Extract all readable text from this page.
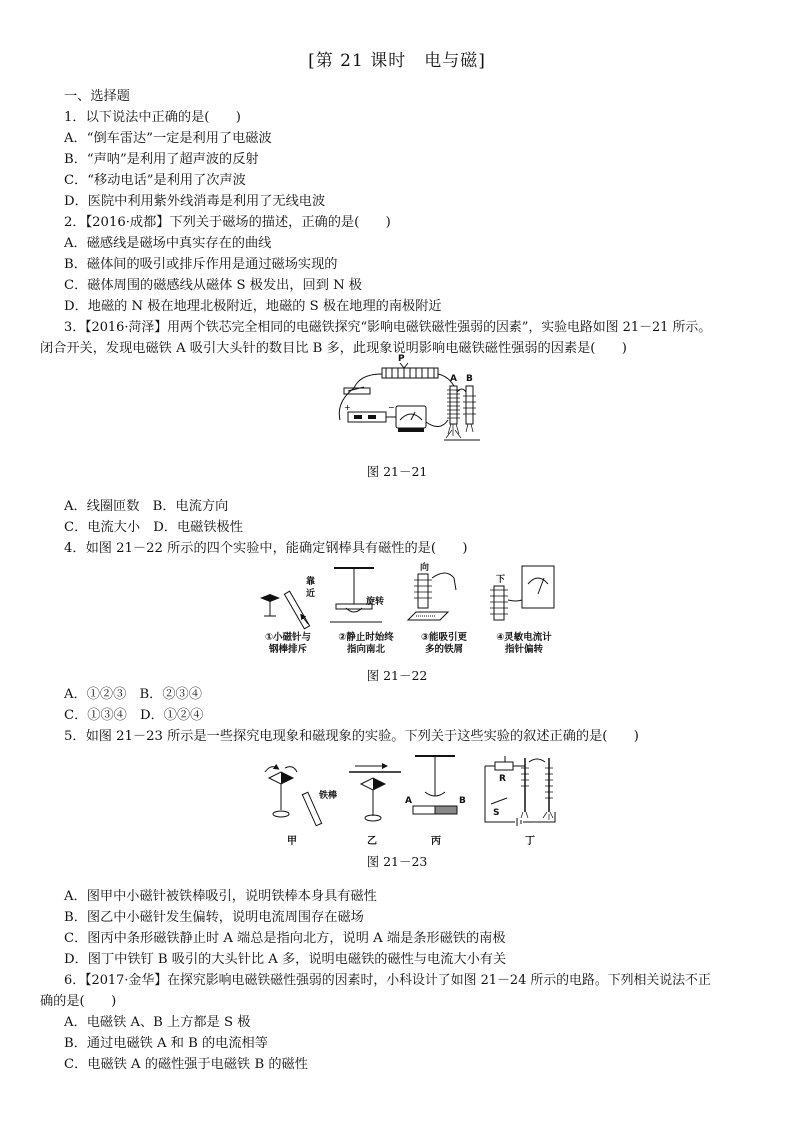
[第 21 课时　电与磁]
一、选择题
1．以下说法中正确的是(　　)
A．“倒车雷达”一定是利用了电磁波
B．“声呐”是利用了超声波的反射
C．“移动电话”是利用了次声波
D．医院中利用紫外线消毒是利用了无线电波
2．【2016·成都】下列关于磁场的描述，正确的是(　　)
A．磁感线是磁场中真实存在的曲线
B．磁体间的吸引或排斥作用是通过磁场实现的
C．磁体周围的磁感线从磁体 S 极发出，回到 N 极
D．地磁的 N 极在地理北极附近，地磁的 S 极在地理的南极附近
3．【2016·菏泽】用两个铁芯完全相同的电磁铁探究“影响电磁铁磁性强弱的因素”，实验电路如图 21－21 所示。
闭合开关，发现电磁铁 A 吸引大头针的数目比 B 多，此现象说明影响电磁铁磁性强弱的因素是(　　)
+	−
P
A B
图 21－21
A．线圈匝数　B．电流方向
C．电流大小　D．电磁铁极性
4．如图 21－22 所示的四个实验中，能确定钢棒具有磁性的是(　　)
靠
近
旋转
向
下
①小磁针与
钢棒排斥
②静止时始终
指向南北
③能吸引更
多的铁屑
④灵敏电流计
指针偏转
图 21－22
A．①②③　B．②③④
C．①③④　D．①②④
5．如图 21－23 所示是一些探究电现象和磁现象的实验。下列关于这些实验的叙述正确的是(　　)
铁棒	A	B
R
S
甲	乙	丙	丁
图 21－23
A．图甲中小磁针被铁棒吸引，说明铁棒本身具有磁性
B．图乙中小磁针发生偏转，说明电流周围存在磁场
C．图丙中条形磁铁静止时 A 端总是指向北方，说明 A 端是条形磁铁的南极
D．图丁中铁钉 B 吸引的大头针比 A 多，说明电磁铁的磁性与电流大小有关
6．【2017·金华】在探究影响电磁铁磁性强弱的因素时，小科设计了如图 21－24 所示的电路。下列相关说法不正
确的是(　　)
A．电磁铁 A、B 上方都是 S 极
B．通过电磁铁 A 和 B 的电流相等
C．电磁铁 A 的磁性强于电磁铁 B 的磁性
